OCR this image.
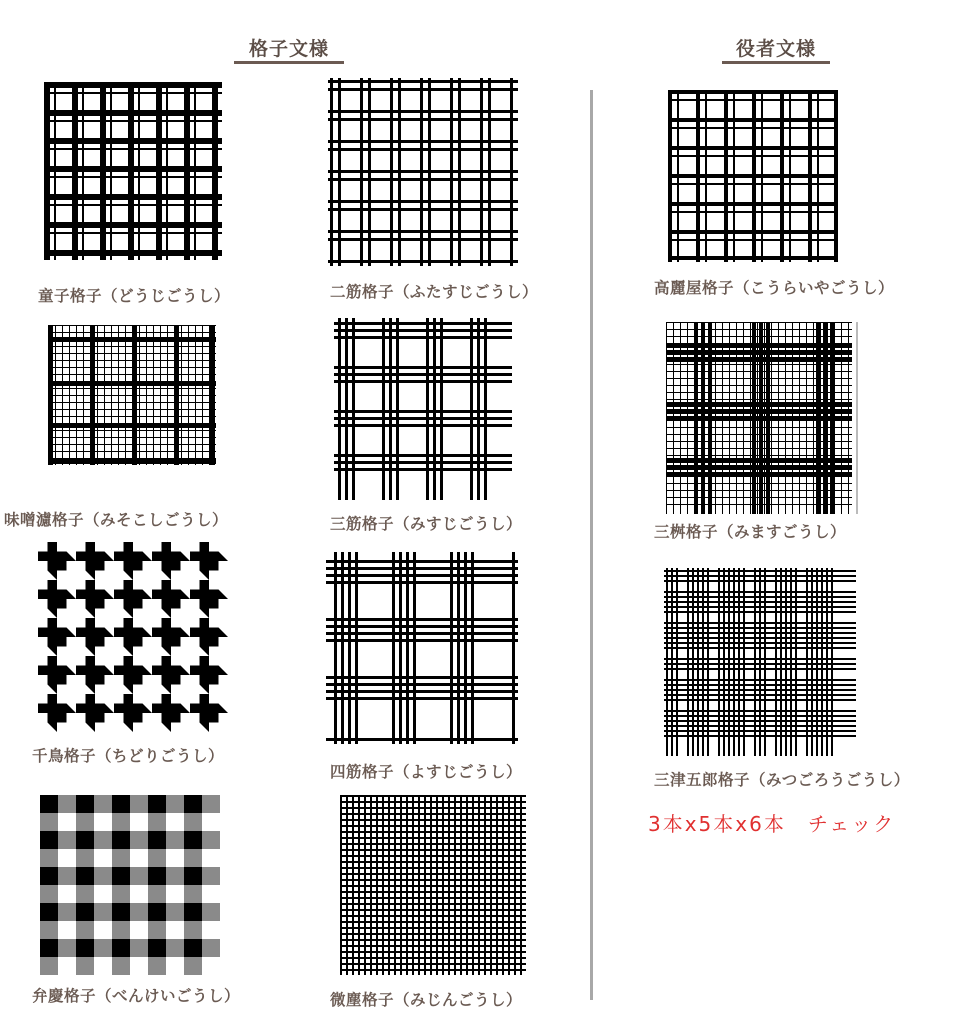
格子文様	役者文様
童子格子（どうじごうし）	二筋格子（ふたすじごうし）
味噌濾格子（みそこしごうし）	三筋格子（みすじごうし）
千鳥格子（ちどりごうし）
四筋格子（よすじごうし）
弁慶格子（べんけいごうし）	微塵格子（みじんごうし）
高麗屋格子（こうらいやごうし）
三桝格子（みますごうし）
三津五郎格子（みつごろうごうし）
3本x5本x6本　チェック
